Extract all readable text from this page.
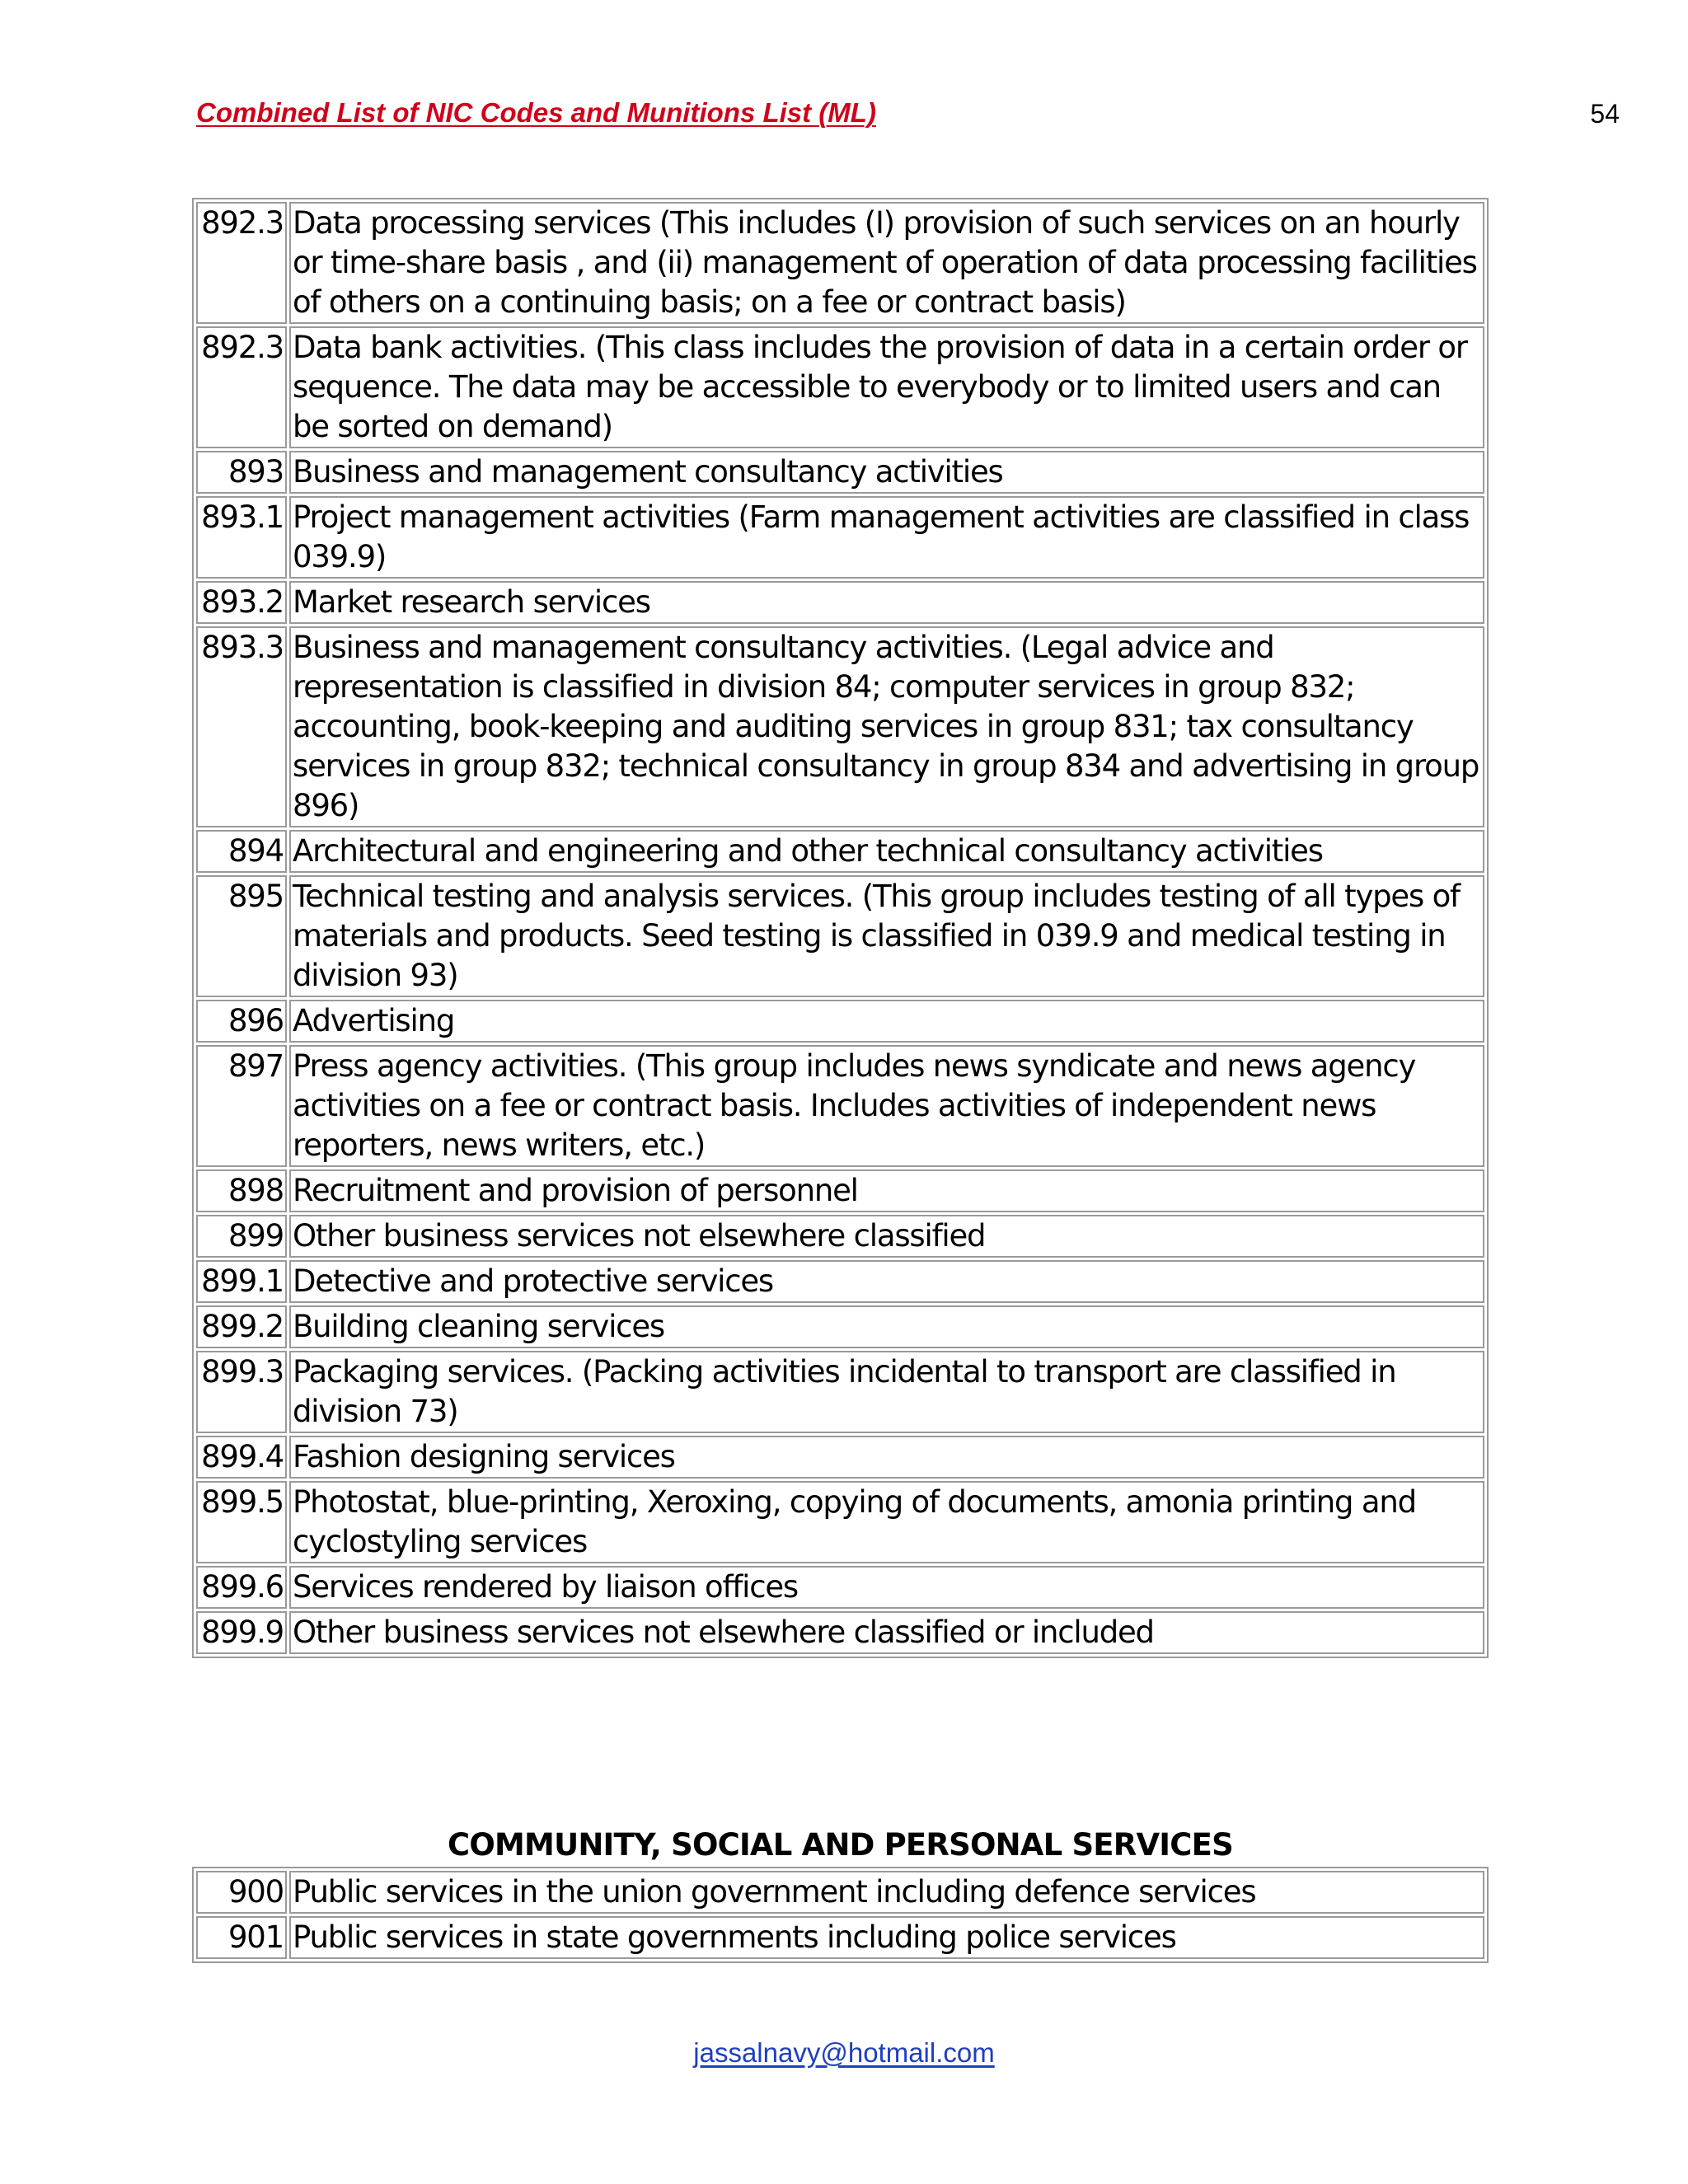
Combined List of NIC Codes and Munitions List (ML)	54
892.3	Data processing services (This includes (I) provision of such services on an hourly or time-share basis , and (ii) management of operation of data processing facilities of others on a continuing basis; on a fee or contract basis)
892.3	Data bank activities. (This class includes the provision of data in a certain order or sequence. The data may be accessible to everybody or to limited users and can be sorted on demand)
893	Business and management consultancy activities
893.1	Project management activities (Farm management activities are classified in class 039.9)
893.2	Market research services
893.3	Business and management consultancy activities. (Legal advice and representation is classified in division 84; computer services in group 832; accounting, book-keeping and auditing services in group 831; tax consultancy services in group 832; technical consultancy in group 834 and advertising in group 896)
894	Architectural and engineering and other technical consultancy activities
895	Technical testing and analysis services. (This group includes testing of all types of materials and products. Seed testing is classified in 039.9 and medical testing in division 93)
896	Advertising
897	Press agency activities. (This group includes news syndicate and news agency activities on a fee or contract basis. Includes activities of independent news reporters, news writers, etc.)
898	Recruitment and provision of personnel
899	Other business services not elsewhere classified
899.1	Detective and protective services
899.2	Building cleaning services
899.3	Packaging services. (Packing activities incidental to transport are classified in division 73)
899.4	Fashion designing services
899.5	Photostat, blue-printing, Xeroxing, copying of documents, amonia printing and cyclostyling services
899.6	Services rendered by liaison offices
899.9	Other business services not elsewhere classified or included
COMMUNITY, SOCIAL AND PERSONAL SERVICES
900	Public services in the union government including defence services
901	Public services in state governments including police services
jassalnavy@hotmail.com
